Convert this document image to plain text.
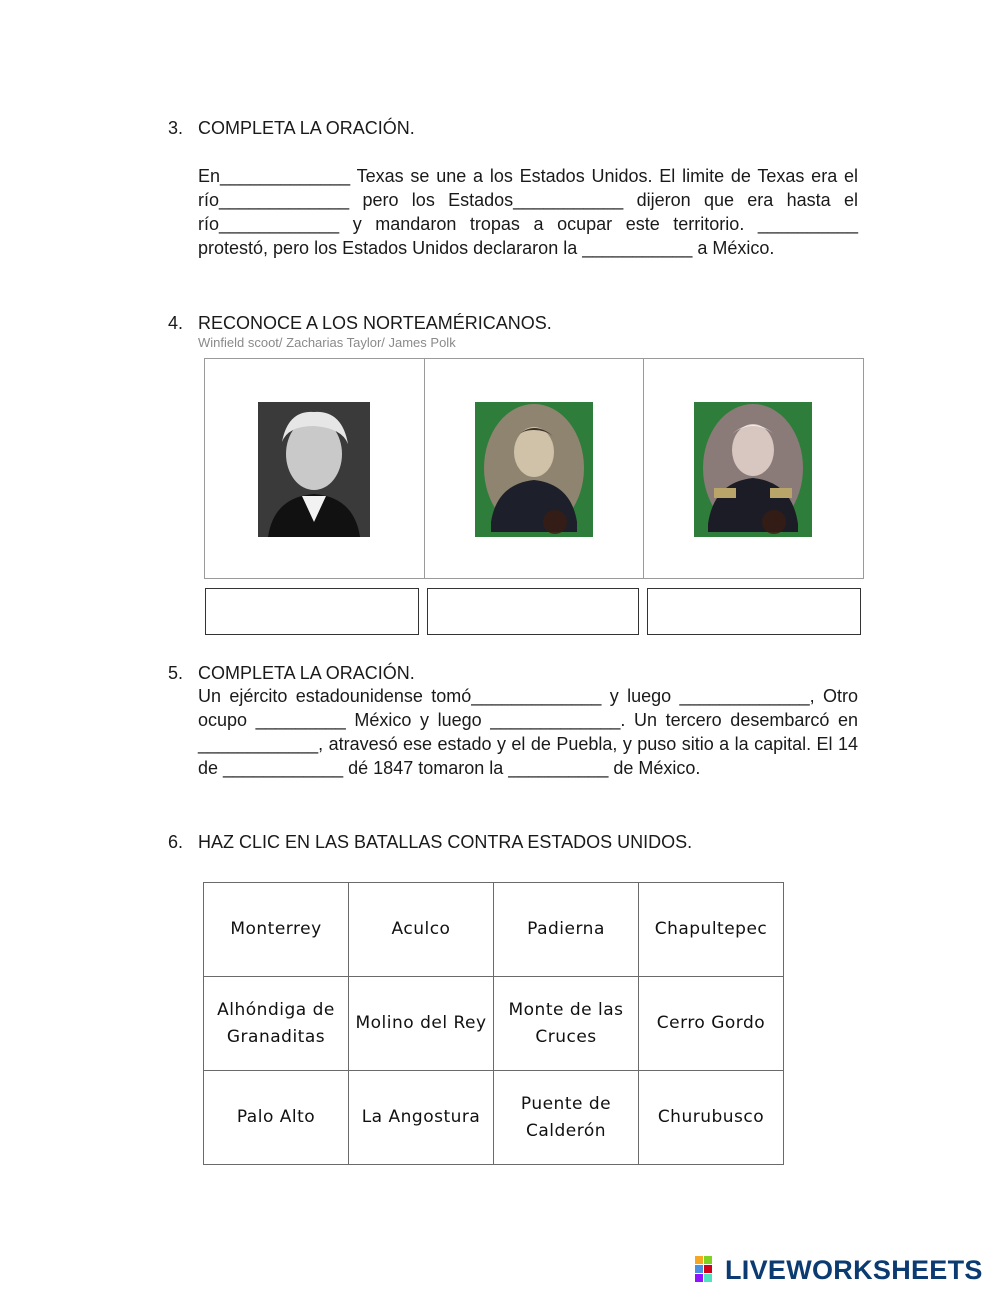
3. COMPLETA LA ORACIÓN.
En_____________ Texas se une a los Estados Unidos. El limite de Texas era el río_____________ pero los Estados___________ dijeron que era hasta el río____________ y mandaron tropas a ocupar este territorio. __________ protestó, pero los Estados Unidos declararon la ___________ a México.
4. RECONOCE A LOS NORTEAMÉRICANOS.
Winfield scoot/ Zacharias Taylor/ James Polk
5. COMPLETA LA ORACIÓN.
Un ejército estadounidense tomó_____________ y luego _____________, Otro ocupo _________ México y luego _____________. Un tercero desembarcó en ____________, atravesó ese estado y el de Puebla, y puso sitio a la capital. El 14 de ____________ dé 1847 tomaron la __________ de México.
6. HAZ CLIC EN LAS BATALLAS CONTRA ESTADOS UNIDOS.
Monterrey	Aculco	Padierna	Chapultepec
Alhóndiga de Granaditas	Molino del Rey	Monte de las Cruces	Cerro Gordo
Palo Alto	La Angostura	Puente de Calderón	Churubusco
LIVEWORKSHEETS
